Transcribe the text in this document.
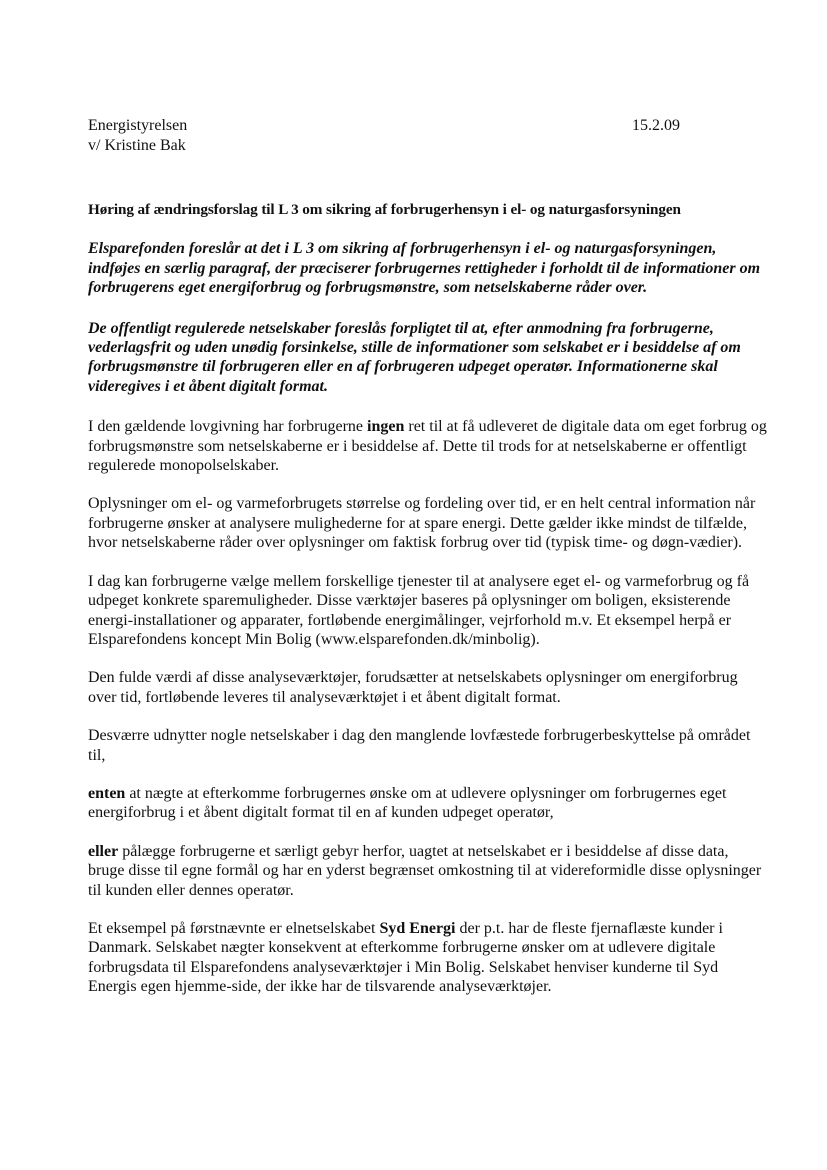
Energistyrelsen
v/ Kristine Bak
15.2.09

Høring af ændringsforslag til L 3 om sikring af forbrugerhensyn i el- og naturgasforsyningen

Elsparefonden foreslår at det i L 3 om sikring af forbrugerhensyn i el- og naturgasforsyningen, indføjes en særlig paragraf, der præciserer forbrugernes rettigheder i forholdt til de informationer om forbrugerens eget energiforbrug og forbrugsmønstre, som netselskaberne råder over.

De offentligt regulerede netselskaber foreslås forpligtet til at, efter anmodning fra forbrugerne, vederlagsfrit og uden unødig forsinkelse, stille de informationer som selskabet er i besiddelse af om forbrugsmønstre til forbrugeren eller en af forbrugeren udpeget operatør. Informationerne skal videregives i et åbent digitalt format.

I den gældende lovgivning har forbrugerne ingen ret til at få udleveret de digitale data om eget forbrug og forbrugsmønstre som netselskaberne er i besiddelse af. Dette til trods for at netselskaberne er offentligt regulerede monopolselskaber.

Oplysninger om el- og varmeforbrugets størrelse og fordeling over tid, er en helt central information når forbrugerne ønsker at analysere mulighederne for at spare energi. Dette gælder ikke mindst de tilfælde, hvor netselskaberne råder over oplysninger om faktisk forbrug over tid (typisk time- og døgn-vædier).

I dag kan forbrugerne vælge mellem forskellige tjenester til at analysere eget el- og varmeforbrug og få udpeget konkrete sparemuligheder. Disse værktøjer baseres på oplysninger om boligen, eksisterende energi-installationer og apparater, fortløbende energimålinger, vejrforhold m.v. Et eksempel herpå er Elsparefondens koncept Min Bolig (www.elsparefonden.dk/minbolig).

Den fulde værdi af disse analyseværktøjer, forudsætter at netselskabets oplysninger om energiforbrug over tid, fortløbende leveres til analyseværktøjet i et åbent digitalt format.

Desværre udnytter nogle netselskaber i dag den manglende lovfæstede forbrugerbeskyttelse på området til,

enten at nægte at efterkomme forbrugernes ønske om at udlevere oplysninger om forbrugernes eget energiforbrug i et åbent digitalt format til en af kunden udpeget operatør,

eller pålægge forbrugerne et særligt gebyr herfor, uagtet at netselskabet er i besiddelse af disse data, bruge disse til egne formål og har en yderst begrænset omkostning til at videreformidle disse oplysninger til kunden eller dennes operatør.

Et eksempel på førstnævnte er elnetselskabet Syd Energi der p.t. har de fleste fjernaflæste kunder i Danmark. Selskabet nægter konsekvent at efterkomme forbrugerne ønsker om at udlevere digitale forbrugsdata til Elsparefondens analyseværktøjer i Min Bolig. Selskabet henviser kunderne til Syd Energis egen hjemme-side, der ikke har de tilsvarende analyseværktøjer.
